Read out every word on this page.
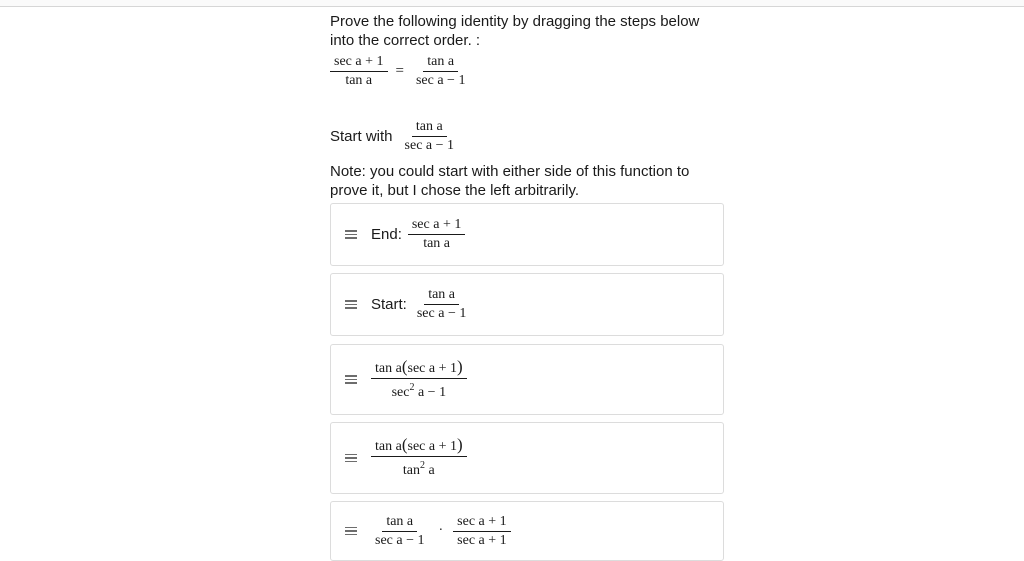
Prove the following identity by dragging the steps below

into the correct order. :

$\frac{\text{sec a + 1}}{\text{tan a}} = \frac{\text{tan a}}{\text{sec a − 1}}$
Start with $\frac{\text{tan a}}{\text{sec a − 1}}$

Note: you could start with either side of this function to

prove it, but I chose the left arbitrarily.

End: $\frac{\text{sec a + 1}}{\text{tan a}}$
Start: $\frac{\text{tan a}}{\text{sec a − 1}}$
$\frac{\text{tan a(sec a + 1)}}{\sec^2 a - 1}$
$\frac{\text{tan a(sec a + 1)}}{\tan^2 a}$
$\frac{\text{tan a}}{\text{sec a − 1}} \cdot \frac{\text{sec a + 1}}{\text{sec a + 1}}$
